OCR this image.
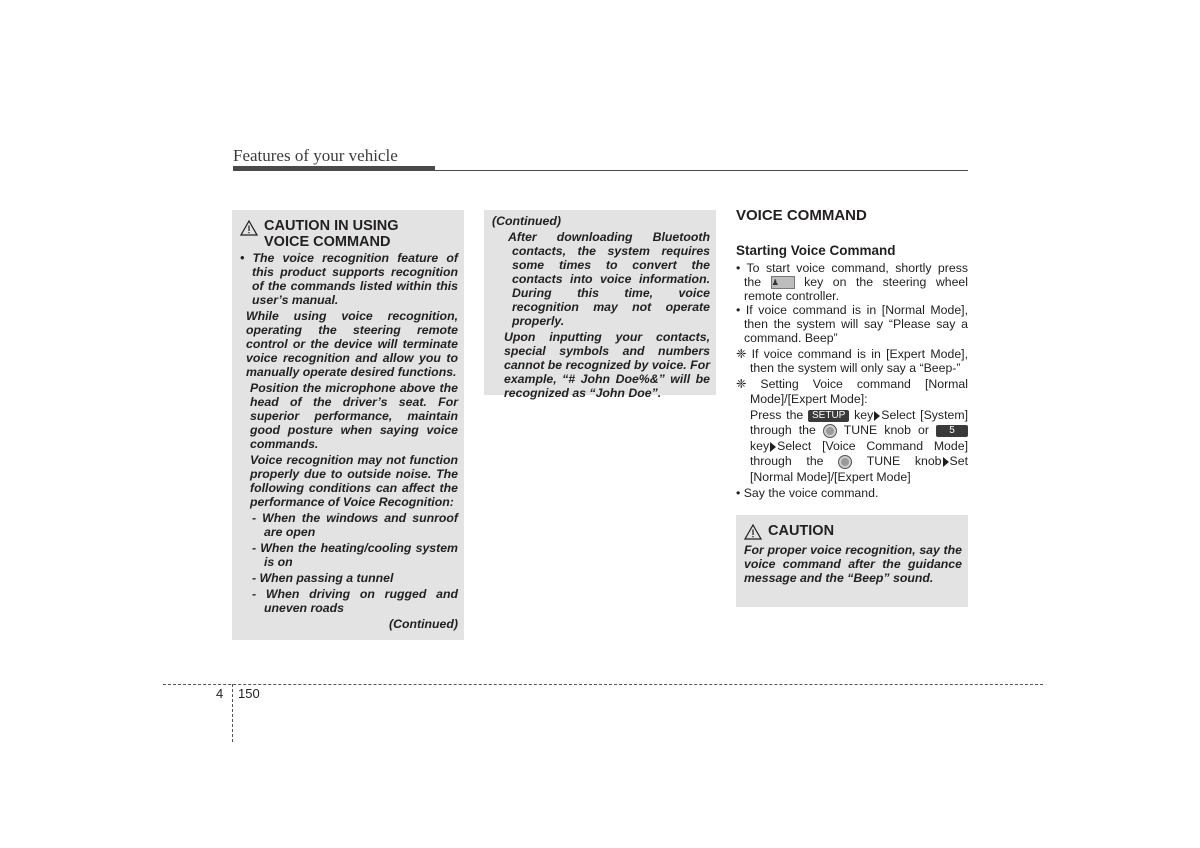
Features of your vehicle
CAUTION IN USING
VOICE COMMAND

• The voice recognition feature of this product supports recognition of the commands listed within this user’s manual.

While using voice recognition, operating the steering remote control or the device will terminate voice recognition and allow you to manually operate desired functions.

Position the microphone above the head of the driver’s seat. For superior performance, maintain good posture when saying voice commands.

Voice recognition may not function properly due to outside noise. The following conditions can affect the performance of Voice Recognition:

- When the windows and sunroof are open

- When the heating/cooling system is on

- When passing a tunnel

- When driving on rugged and uneven roads

(Continued)

(Continued)

After downloading Bluetooth contacts, the system requires some times to convert the contacts into voice information. During this time, voice recognition may not operate properly.

Upon inputting your contacts, special symbols and numbers cannot be recognized by voice. For example, “# John Doe%&” will be recognized as “John Doe”.

VOICE COMMAND
Starting Voice Command

• To start voice command, shortly press the ♟ key on the steering wheel remote controller.

• If voice command is in [Normal Mode], then the system will say “Please say a command. Beep”

❈ If voice command is in [Expert Mode], then the system will only say a “Beep-”

❈ Setting Voice command [Normal Mode]/[Expert Mode]:

Press the SETUP key Select [System] through the TUNE knob or 5 key Select [Voice Command Mode] through the	TUNE knob Set [Normal Mode]/[Expert Mode]

• Say the voice command.

CAUTION
For proper voice recognition, say the voice command after the guidance message and the “Beep” sound.
4 150
